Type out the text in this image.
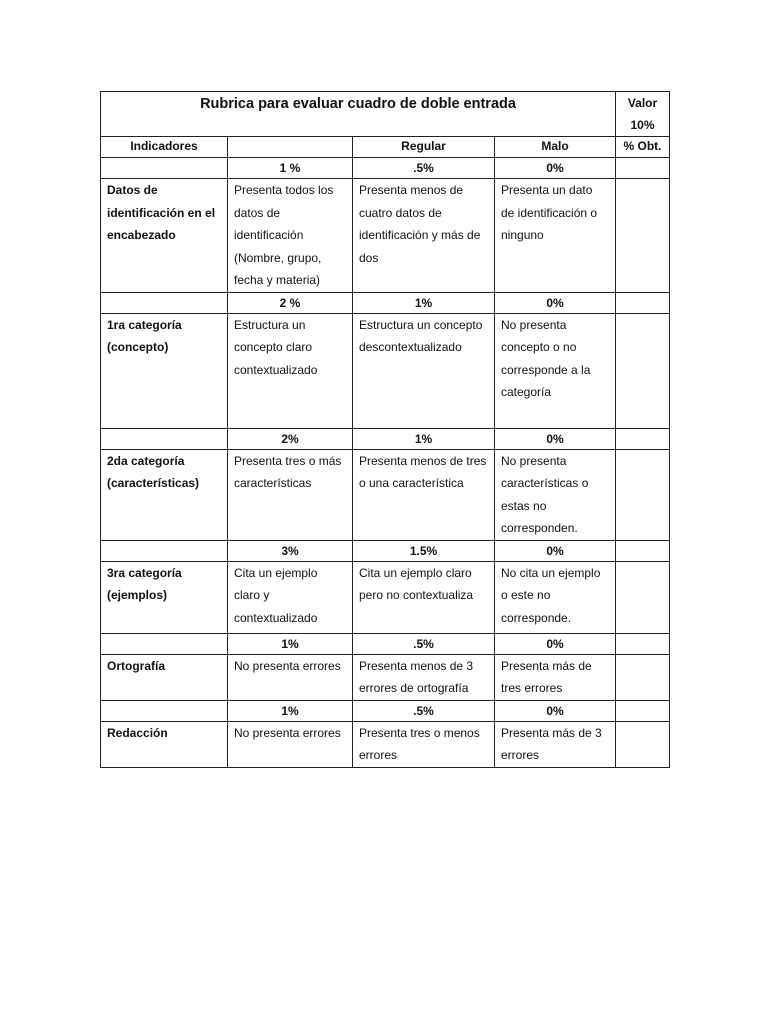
Rubrica para evaluar cuadro de doble entrada				Valor
10%

Indicadores		Regular	Malo	% Obt.
	1 %	.5%	0%	
Datos de identificación en el encabezado	Presenta todos los datos de identificación (Nombre, grupo, fecha y materia)	Presenta menos de cuatro datos de identificación y más de dos	Presenta un dato de identificación o ninguno	
	2 %	1%	0%	
1ra categoría (concepto)	Estructura un concepto claro contextualizado	Estructura un concepto descontextualizado	No presenta concepto o no corresponde a la categoría	
	2%	1%	0%	
2da categoría (características)	Presenta tres o más características	Presenta menos de tres o una característica	No presenta características o estas no corresponden.	
	3%	1.5%	0%	
3ra categoría (ejemplos)	Cita un ejemplo claro y contextualizado	Cita un ejemplo claro pero no contextualiza	No cita un ejemplo o este no corresponde.	
	1%	.5%	0%	
Ortografía	No presenta errores	Presenta menos de 3 errores de ortografía	Presenta más de tres errores	
	1%	.5%	0%	
Redacción	No presenta errores	Presenta tres o menos errores	Presenta más de 3 errores	
